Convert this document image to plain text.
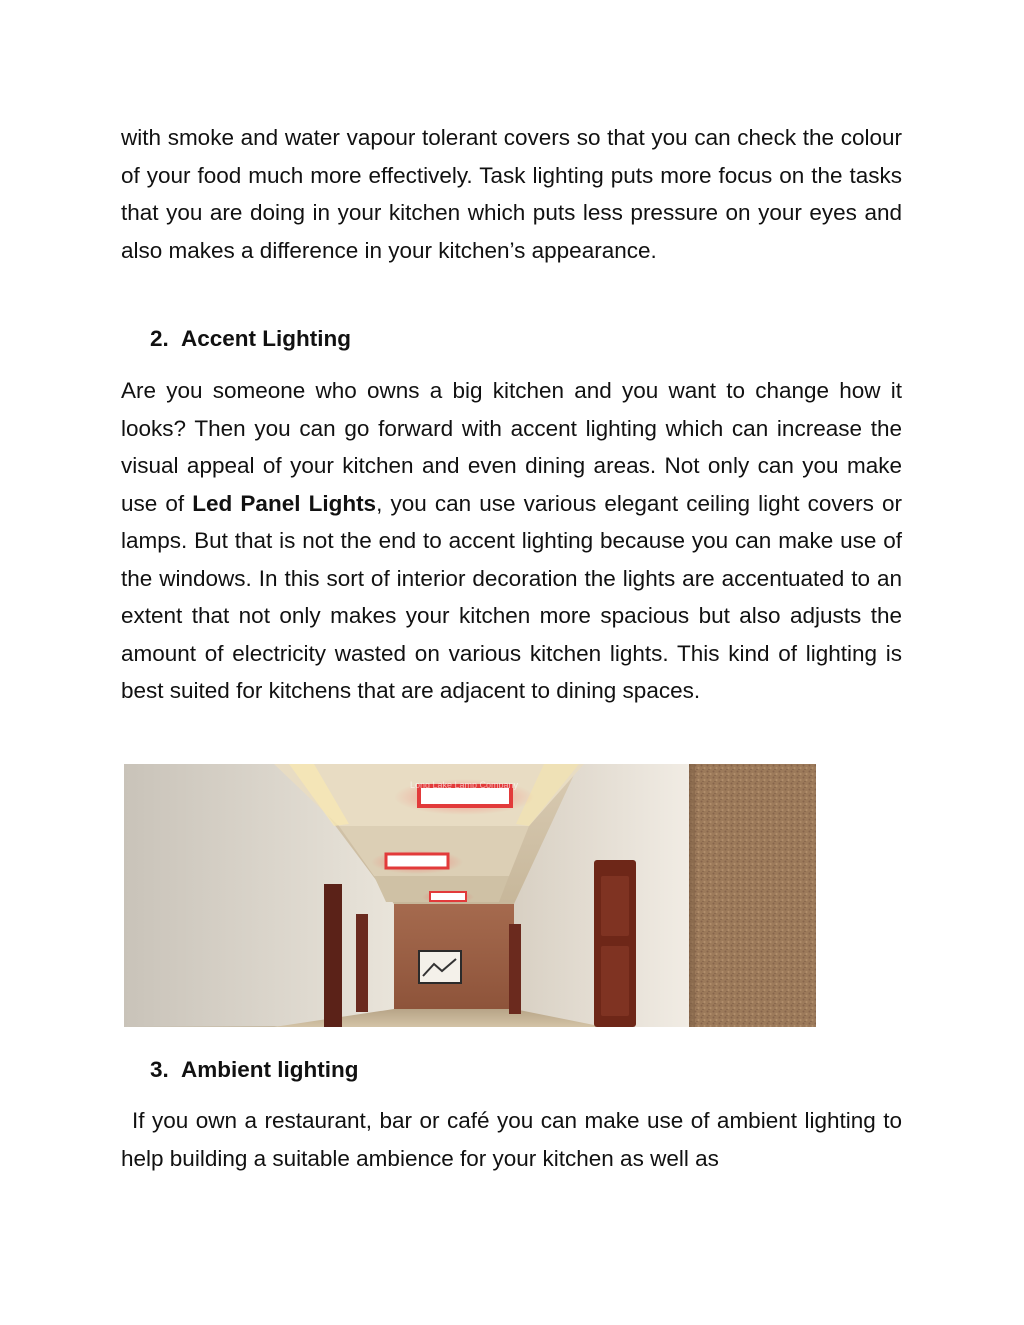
with smoke and water vapour tolerant covers so that you can check the colour of your food much more effectively. Task lighting puts more focus on the tasks that you are doing in your kitchen which puts less pressure on your eyes and also makes a difference in your kitchen’s appearance.

2. Accent Lighting

Are you someone who owns a big kitchen and you want to change how it looks? Then you can go forward with accent lighting which can increase the visual appeal of your kitchen and even dining areas. Not only can you make use of Led Panel Lights, you can use various elegant ceiling light covers or lamps. But that is not the end to accent lighting because you can make use of the windows. In this sort of interior decoration the lights are accentuated to an extent that not only makes your kitchen more spacious but also adjusts the amount of electricity wasted on various kitchen lights. This kind of lighting is best suited for kitchens that are adjacent to dining spaces.

Long Lake Lamp Company
3. Ambient lighting

If you own a restaurant, bar or café you can make use of ambient lighting to help building a suitable ambience for your kitchen as well as
